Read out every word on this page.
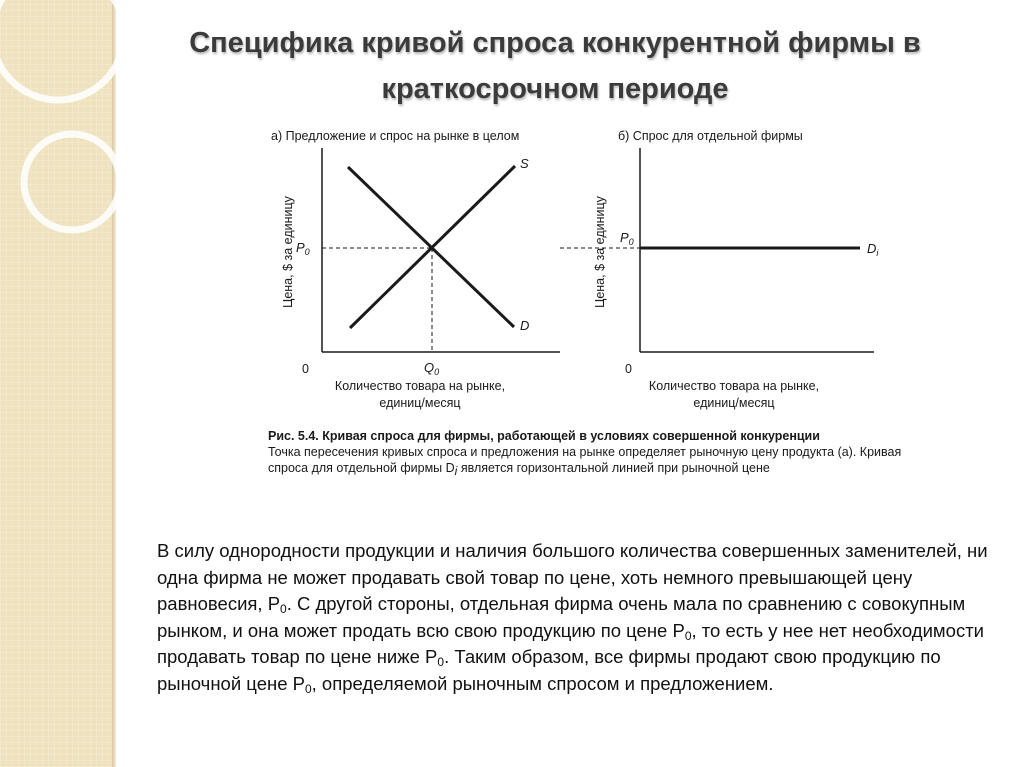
Специфика кривой спроса конкурентной фирмы в
краткосрочном периоде
а) Предложение и спрос на рынке в целом
Цена, $ за единицу $P_0$
$Q_0$
0
S
D
Количество товара на рынке,
единиц/месяц
б) Спрос для отдельной фирмы
Цена, $ за единицу $P_0$	$D_i$
0
Количество товара на рынке,
единиц/месяц
Рис. 5.4. Кривая спроса для фирмы, работающей в условиях совершенной конкуренции
Точка пересечения кривых спроса и предложения на рынке определяет рыночную цену продукта (а). Кривая спроса для отдельной фирмы $D_i$ является горизонтальной линией при рыночной цене
В силу однородности продукции и наличия большого количества совершенных заменителей, ни одна фирма не может продавать свой товар по цене, хоть немного превышающей цену равновесия, $P_0$. С другой стороны, отдельная фирма очень мала по сравнению с совокупным рынком, и она может продать всю свою продукцию по цене $P_0$, то есть у нее нет необходимости продавать товар по цене ниже $P_0$. Таким образом, все фирмы продают свою продукцию по рыночной цене $P_0$, определяемой рыночным спросом и предложением.
